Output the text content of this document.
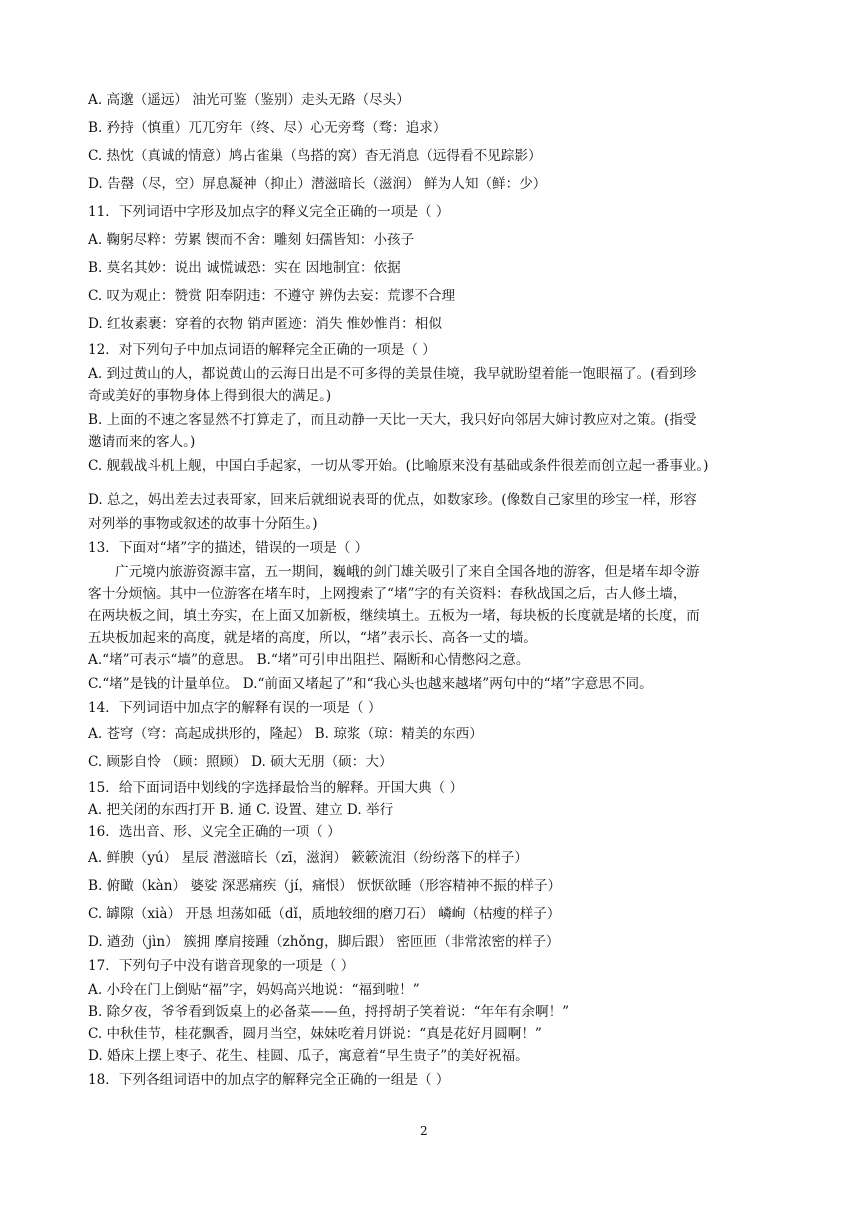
A. 高邈（遥远） 油光可鉴（鉴别）走头无路（尽头）
B. 矜持（慎重）兀兀穷年（终、尽）心无旁骛（骛：追求）
C. 热忱（真诚的情意）鸠占雀巢（鸟搭的窝）杳无消息（远得看不见踪影）
D. 告罄（尽，空）屏息凝神（抑止）潜滋暗长（滋润） 鲜为人知（鲜：少）
11．下列词语中字形及加点字的释义完全正确的一项是（ ）
A. 鞠躬尽粹：劳累 锲而不舍：雕刻 妇孺皆知：小孩子
B. 莫名其妙：说出 诚慌诚恐：实在 因地制宜：依据
C. 叹为观止：赞赏 阳奉阴违：不遵守 辨伪去妄：荒谬不合理
D. 红妆素裹：穿着的衣物 销声匿迹：消失 惟妙惟肖：相似
12．对下列句子中加点词语的解释完全正确的一项是（ ）
A. 到过黄山的人，都说黄山的云海日出是不可多得的美景佳境，我早就盼望着能一饱眼福了。(看到珍
奇或美好的事物身体上得到很大的满足。)
B. 上面的不速之客显然不打算走了，而且动静一天比一天大，我只好向邻居大婶讨教应对之策。(指受
邀请而来的客人。)
C. 舰载战斗机上舰，中国白手起家，一切从零开始。(比喻原来没有基础或条件很差而创立起一番事业。)
D. 总之，妈出差去过表哥家，回来后就细说表哥的优点，如数家珍。(像数自己家里的珍宝一样，形容
对列举的事物或叙述的故事十分陌生。)
13．下面对“堵”字的描述，错误的一项是（ ）
广元境内旅游资源丰富，五一期间，巍峨的剑门雄关吸引了来自全国各地的游客，但是堵车却令游
客十分烦恼。其中一位游客在堵车时，上网搜索了“堵”字的有关资料：春秋战国之后，古人修土墙，
在两块板之间，填土夯实，在上面又加新板，继续填土。五板为一堵，每块板的长度就是堵的长度，而
五块板加起来的高度，就是堵的高度，所以，“堵”表示长、高各一丈的墙。
A.“堵”可表示“墙”的意思。 B.“堵”可引申出阻拦、隔断和心情憋闷之意。
C.“堵”是钱的计量单位。 D.“前面又堵起了”和“我心头也越来越堵”两句中的“堵”字意思不同。
14．下列词语中加点字的解释有误的一项是（ ）
A. 苍穹（穹：高起成拱形的，隆起） B. 琼浆（琼：精美的东西）
C. 顾影自怜 （顾：照顾） D. 硕大无朋（硕：大）
15．给下面词语中划线的字选择最恰当的解释。开国大典（ ）
A. 把关闭的东西打开 B. 通 C. 设置、建立 D. 举行
16．选出音、形、义完全正确的一项（ ）
A. 鲜腴（yú） 星辰 潜滋暗长（zī，滋润） 簌簌流泪（纷纷落下的样子）
B. 俯瞰（kàn） 婆娑 深恶痛疾（jí，痛恨） 恹恹欲睡（形容精神不振的样子）
C. 罅隙（xià） 开恳 坦荡如砥（dǐ，质地较细的磨刀石） 嶙峋（枯瘦的样子）
D. 遒劲（jìn） 簇拥 摩肩接踵（zhǒng，脚后跟） 密匝匝（非常浓密的样子）
17．下列句子中没有谐音现象的一项是（ ）
A. 小玲在门上倒贴“福”字，妈妈高兴地说：“福到啦！”
B. 除夕夜，爷爷看到饭桌上的必备菜——鱼，捋捋胡子笑着说：“年年有余啊！”
C. 中秋佳节，桂花飘香，圆月当空，妹妹吃着月饼说：“真是花好月圆啊！”
D. 婚床上摆上枣子、花生、桂圆、瓜子，寓意着“早生贵子”的美好祝福。
18．下列各组词语中的加点字的解释完全正确的一组是（ ）
2
